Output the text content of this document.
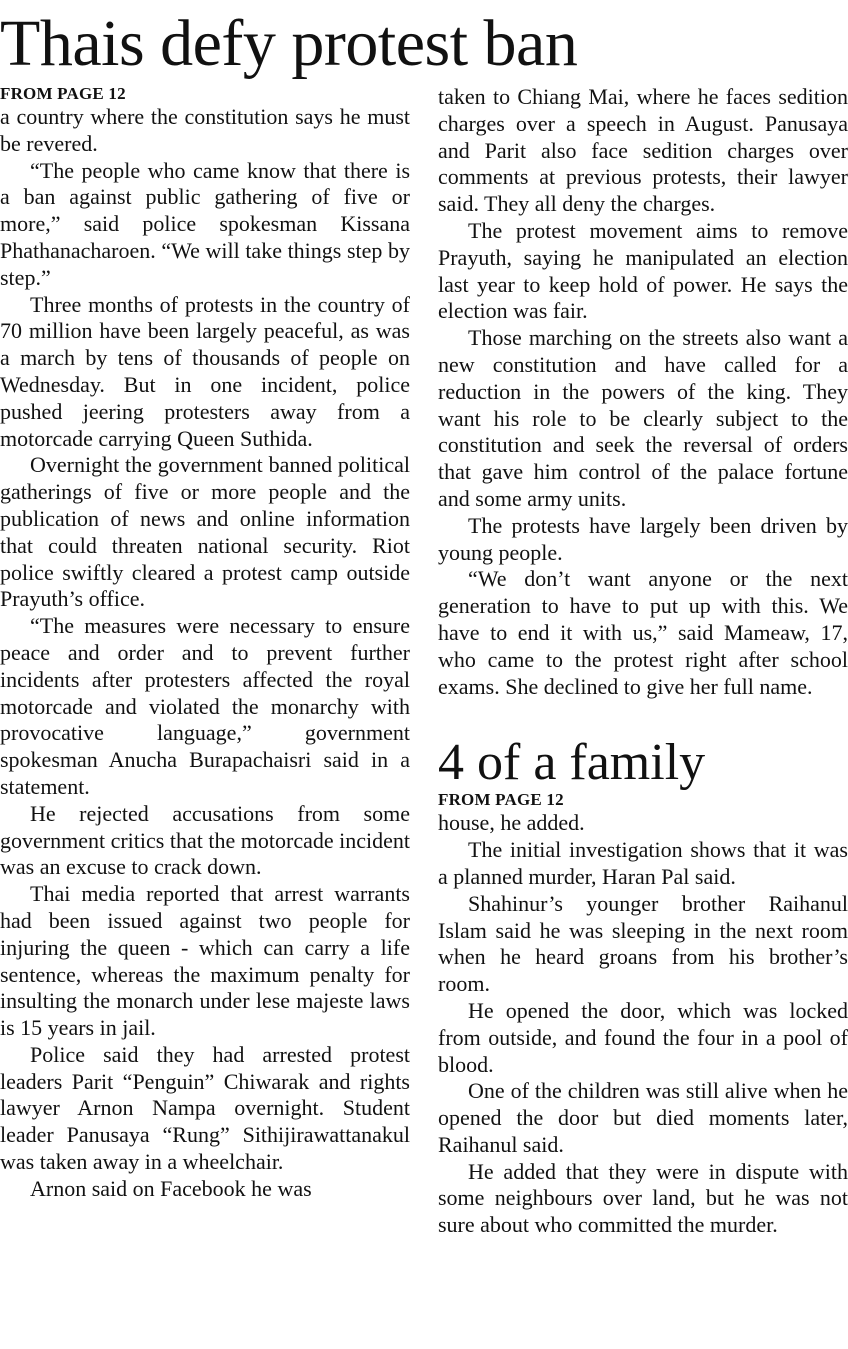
Thais defy protest ban
FROM PAGE 12

a country where the constitution says he must be revered.

“The people who came know that there is a ban against public gathering of five or more,” said police spokesman Kissana Phathanacharoen. “We will take things step by step.”

Three months of protests in the country of 70 million have been largely peaceful, as was a march by tens of thousands of people on Wednesday. But in one incident, police pushed jeering protesters away from a motorcade carrying Queen Suthida.

Overnight the government banned political gatherings of five or more people and the publication of news and online information that could threaten national security. Riot police swiftly cleared a protest camp outside Prayuth’s office.

“The measures were necessary to ensure peace and order and to prevent further incidents after protesters affected the royal motorcade and violated the monarchy with provocative language,” government spokesman Anucha Burapachaisri said in a statement.

He rejected accusations from some government critics that the motorcade incident was an excuse to crack down.

Thai media reported that arrest warrants had been issued against two people for injuring the queen - which can carry a life sentence, whereas the maximum penalty for insulting the monarch under lese majeste laws is 15 years in jail.

Police said they had arrested protest leaders Parit “Penguin” Chiwarak and rights lawyer Arnon Nampa overnight. Student leader Panusaya “Rung” Sithijirawattanakul was taken away in a wheelchair.

Arnon said on Facebook he was

taken to Chiang Mai, where he faces sedition charges over a speech in August. Panusaya and Parit also face sedition charges over comments at previous protests, their lawyer said. They all deny the charges.

The protest movement aims to remove Prayuth, saying he manipulated an election last year to keep hold of power. He says the election was fair.

Those marching on the streets also want a new constitution and have called for a reduction in the powers of the king. They want his role to be clearly subject to the constitution and seek the reversal of orders that gave him control of the palace fortune and some army units.

The protests have largely been driven by young people.

“We don’t want anyone or the next generation to have to put up with this. We have to end it with us,” said Mameaw, 17, who came to the protest right after school exams. She declined to give her full name.

4 of a family
FROM PAGE 12

house, he added.

The initial investigation shows that it was a planned murder, Haran Pal said.

Shahinur’s younger brother Raihanul Islam said he was sleeping in the next room when he heard groans from his brother’s room.

He opened the door, which was locked from outside, and found the four in a pool of blood.

One of the children was still alive when he opened the door but died moments later, Raihanul said.

He added that they were in dispute with some neighbours over land, but he was not sure about who committed the murder.
